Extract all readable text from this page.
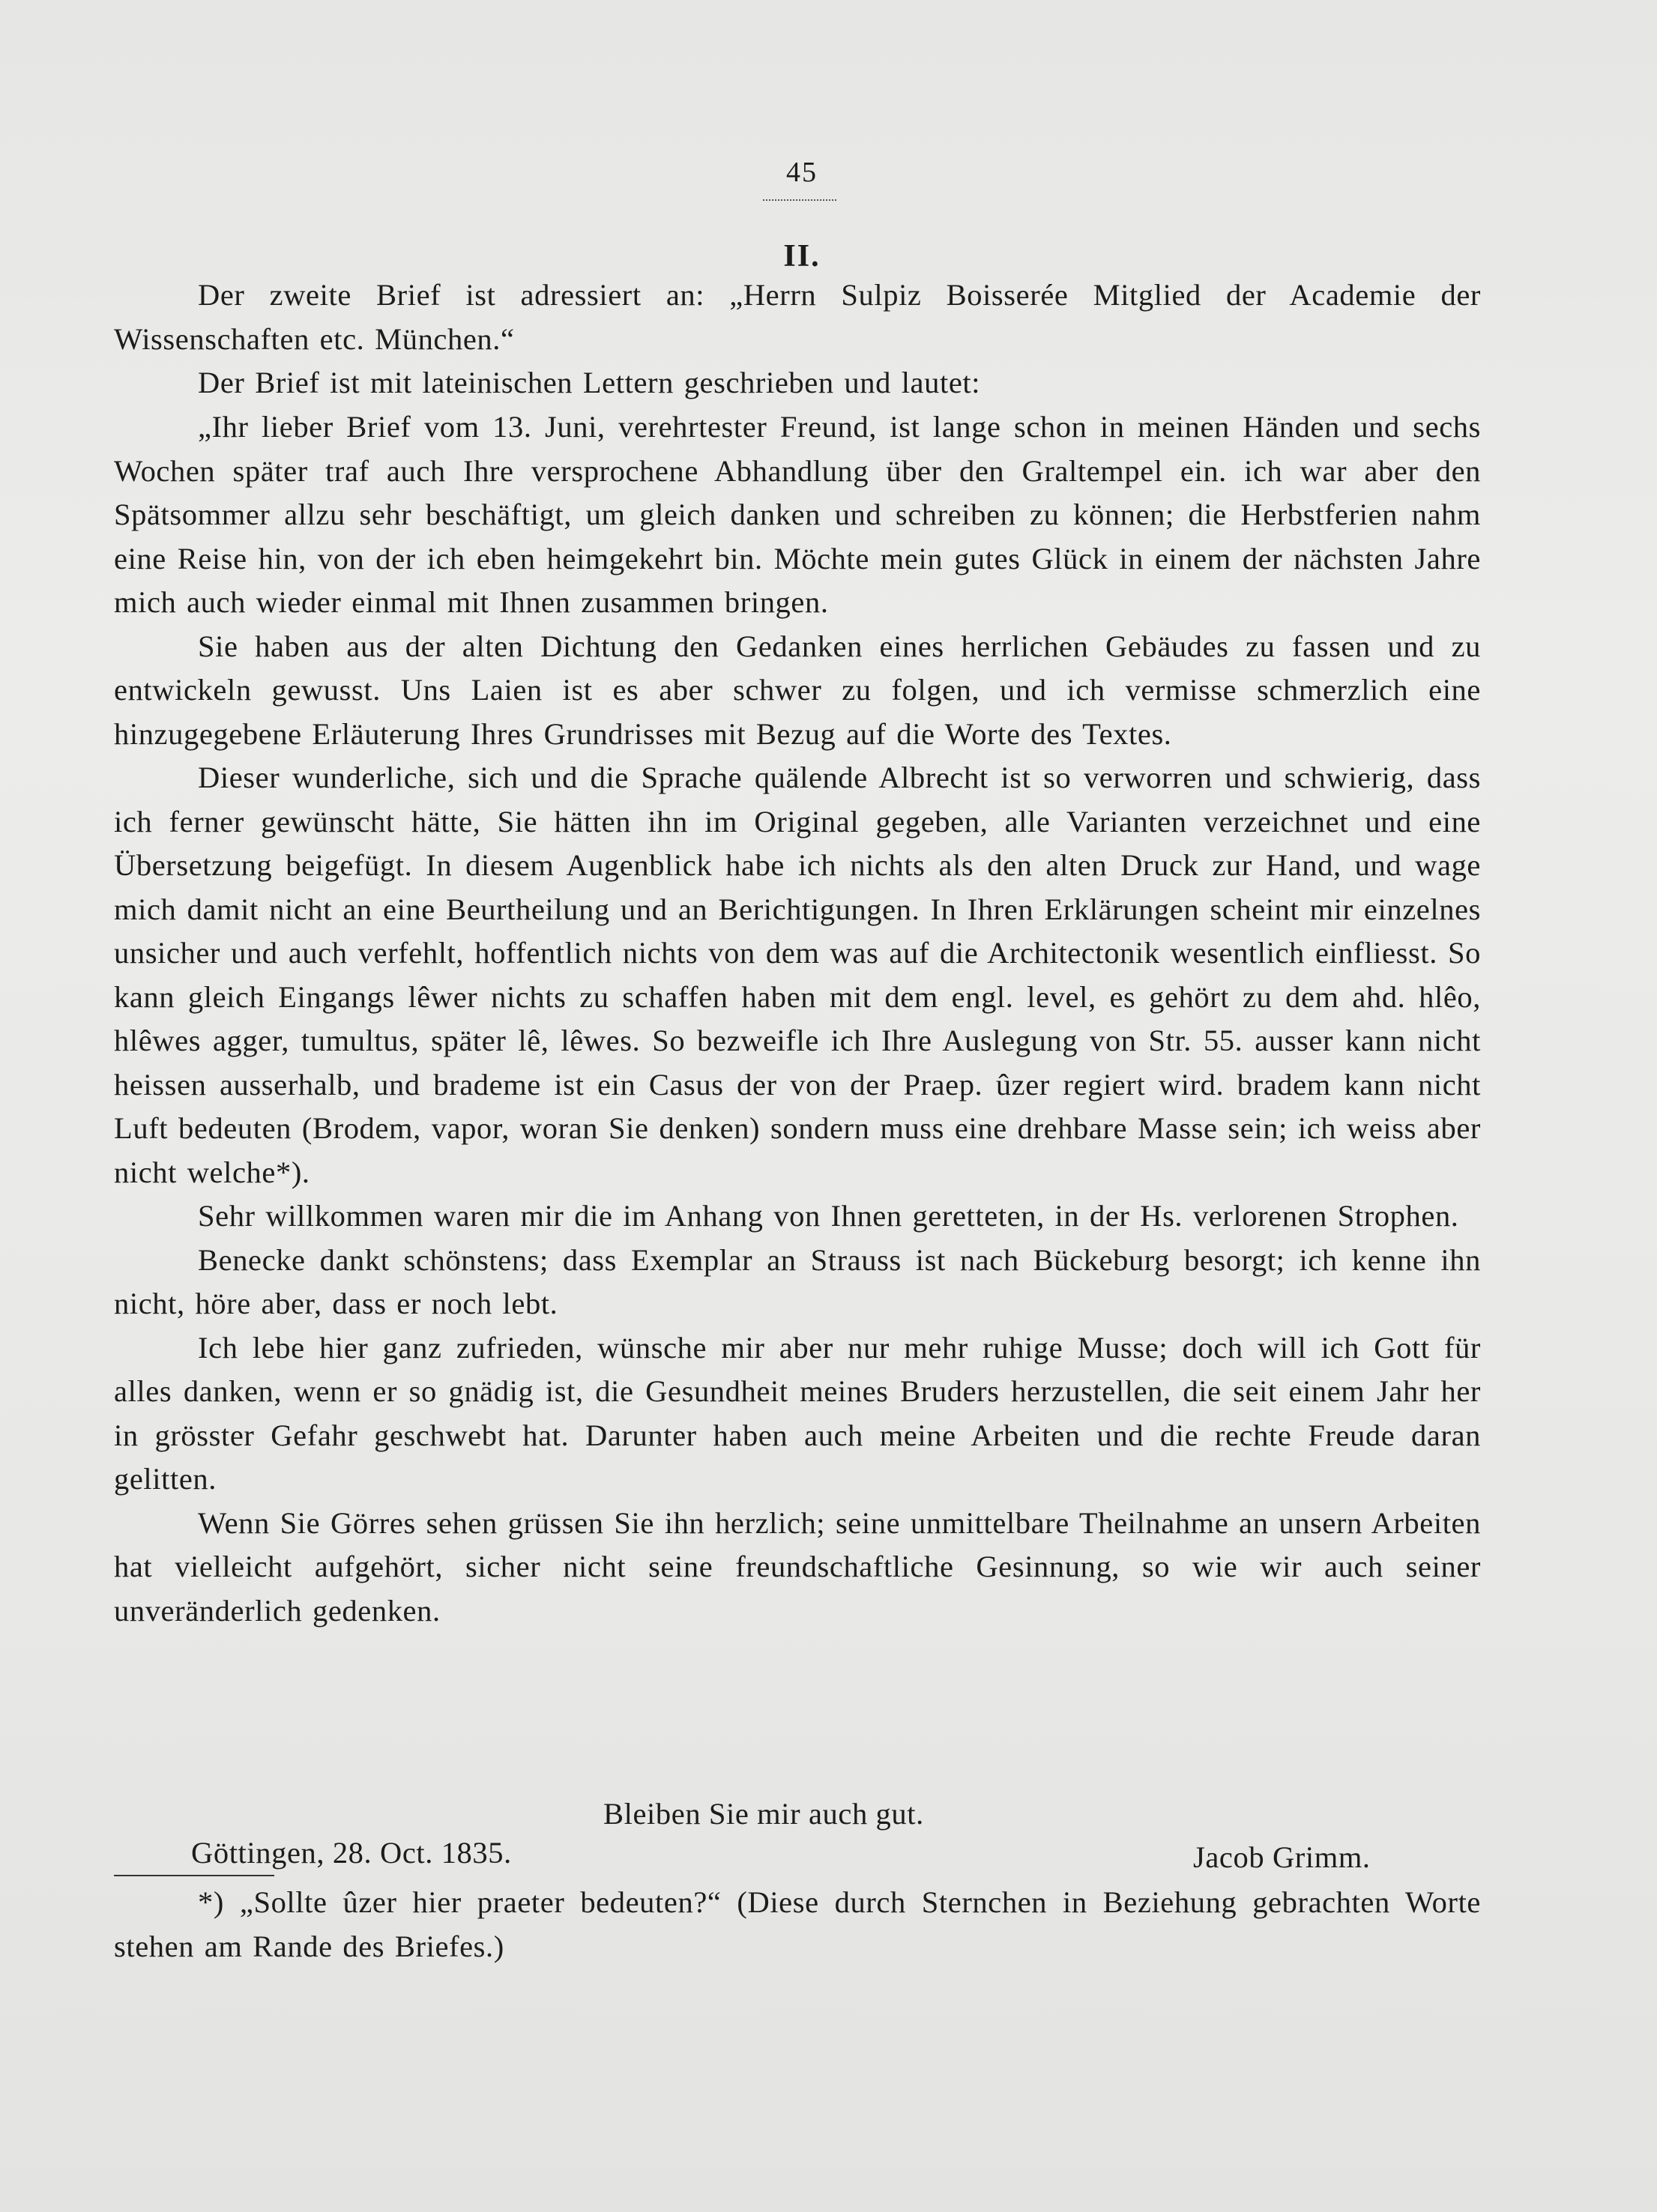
45
II.

Der zweite Brief ist adressiert an: „Herrn Sulpiz Boisserée Mitglied der Academie der Wissenschaften etc. München.“

Der Brief ist mit lateinischen Lettern geschrieben und lautet:

„Ihr lieber Brief vom 13. Juni, verehrtester Freund, ist lange schon in meinen Händen und sechs Wochen später traf auch Ihre versprochene Abhandlung über den Graltempel ein. ich war aber den Spätsommer allzu sehr beschäftigt, um gleich danken und schreiben zu können; die Herbstferien nahm eine Reise hin, von der ich eben heimgekehrt bin. Möchte mein gutes Glück in einem der nächsten Jahre mich auch wieder einmal mit Ihnen zusammen bringen.

Sie haben aus der alten Dichtung den Gedanken eines herrlichen Gebäudes zu fassen und zu entwickeln gewusst. Uns Laien ist es aber schwer zu folgen, und ich vermisse schmerzlich eine hinzugegebene Erläuterung Ihres Grundrisses mit Bezug auf die Worte des Textes.

Dieser wunderliche, sich und die Sprache quälende Albrecht ist so verworren und schwierig, dass ich ferner gewünscht hätte, Sie hätten ihn im Original gegeben, alle Varianten verzeichnet und eine Übersetzung beigefügt. In diesem Augenblick habe ich nichts als den alten Druck zur Hand, und wage mich damit nicht an eine Beurtheilung und an Berichtigungen. In Ihren Erklärungen scheint mir einzelnes unsicher und auch verfehlt, hoffentlich nichts von dem was auf die Architectonik wesentlich einfliesst. So kann gleich Eingangs lêwer nichts zu schaffen haben mit dem engl. level, es gehört zu dem ahd. hlêo, hlêwes agger, tumultus, später lê, lêwes. So bezweifle ich Ihre Auslegung von Str. 55. ausser kann nicht heissen ausserhalb, und brademe ist ein Casus der von der Praep. ûzer regiert wird. bradem kann nicht Luft bedeuten (Brodem, vapor, woran Sie denken) sondern muss eine drehbare Masse sein; ich weiss aber nicht welche*).

Sehr willkommen waren mir die im Anhang von Ihnen geretteten, in der Hs. verlorenen Strophen.

Benecke dankt schönstens; dass Exemplar an Strauss ist nach Bückeburg besorgt; ich kenne ihn nicht, höre aber, dass er noch lebt.

Ich lebe hier ganz zufrieden, wünsche mir aber nur mehr ruhige Musse; doch will ich Gott für alles danken, wenn er so gnädig ist, die Gesundheit meines Bruders herzustellen, die seit einem Jahr her in grösster Gefahr geschwebt hat. Darunter haben auch meine Arbeiten und die rechte Freude daran gelitten.

Wenn Sie Görres sehen grüssen Sie ihn herzlich; seine unmittelbare Theilnahme an unsern Arbeiten hat vielleicht aufgehört, sicher nicht seine freundschaftliche Gesinnung, so wie wir auch seiner unveränderlich gedenken.

Bleiben Sie mir auch gut.
Göttingen, 28. Oct. 1835.	Jacob Grimm.
*) „Sollte ûzer hier praeter bedeuten?“ (Diese durch Sternchen in Beziehung gebrachten Worte stehen am Rande des Briefes.)
